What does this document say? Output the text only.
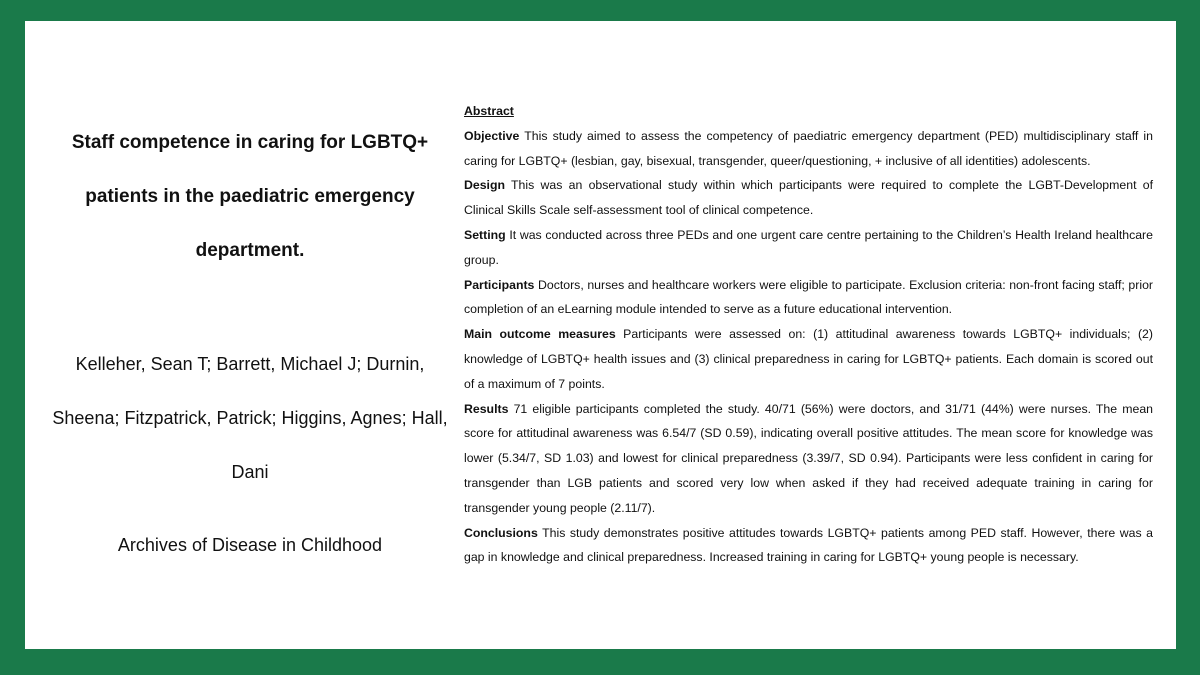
Staff competence in caring for LGBTQ+ patients in the paediatric emergency department.

Kelleher, Sean T; Barrett, Michael J; Durnin, Sheena; Fitzpatrick, Patrick; Higgins, Agnes; Hall, Dani

Archives of Disease in Childhood

Abstract

Objective This study aimed to assess the competency of paediatric emergency department (PED) multidisciplinary staff in caring for LGBTQ+ (lesbian, gay, bisexual, transgender, queer/questioning, + inclusive of all identities) adolescents.

Design This was an observational study within which participants were required to complete the LGBT-Development of Clinical Skills Scale self-assessment tool of clinical competence.

Setting It was conducted across three PEDs and one urgent care centre pertaining to the Children’s Health Ireland healthcare group.

Participants Doctors, nurses and healthcare workers were eligible to participate. Exclusion criteria: non-front facing staff; prior completion of an eLearning module intended to serve as a future educational intervention.

Main outcome measures Participants were assessed on: (1) attitudinal awareness towards LGBTQ+ individuals; (2) knowledge of LGBTQ+ health issues and (3) clinical preparedness in caring for LGBTQ+ patients. Each domain is scored out of a maximum of 7 points.

Results 71 eligible participants completed the study. 40/71 (56%) were doctors, and 31/71 (44%) were nurses. The mean score for attitudinal awareness was 6.54/7 (SD 0.59), indicating overall positive attitudes. The mean score for knowledge was lower (5.34/7, SD 1.03) and lowest for clinical preparedness (3.39/7, SD 0.94). Participants were less confident in caring for transgender than LGB patients and scored very low when asked if they had received adequate training in caring for transgender young people (2.11/7).

Conclusions This study demonstrates positive attitudes towards LGBTQ+ patients among PED staff. However, there was a gap in knowledge and clinical preparedness. Increased training in caring for LGBTQ+ young people is necessary.
